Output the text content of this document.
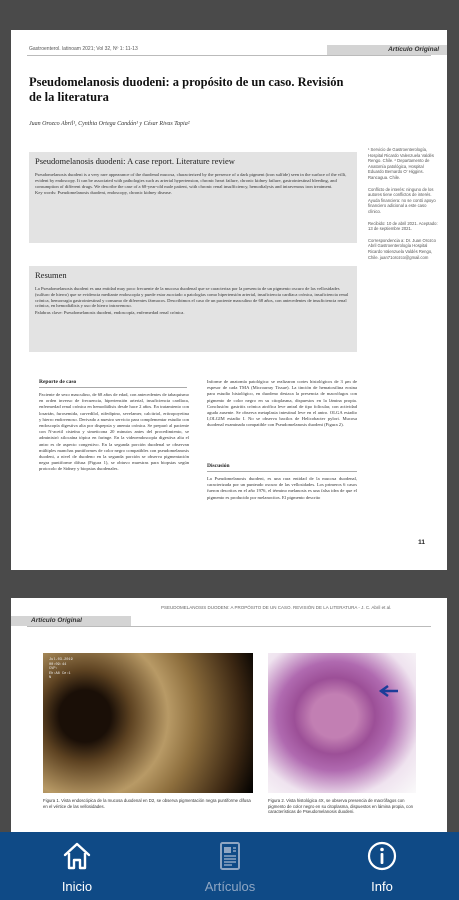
Gastroenterol. latinoam 2021; Vol 32, Nº 1: 11-13	Artículo Original
Pseudomelanosis duodeni: a propósito de un caso. Revisión de la literatura
Juan Orozco Abril¹, Cynthia Ortega Candán¹ y César Rivas Tapia²

¹ Servicio de Gastroenterología, Hospital Ricardo Valenzuela Valdés Rengo. Chile. ² Departamento de Anatomía patológica, Hospital Eduardo Bernardo O' Higgins. Rancagua. Chile.

Conflicto de interés: ninguno de los autores tiene conflictos de interés. Ayuda financiera: no se contó apoyo financiero adicional a este caso clínico.

Recibido: 10 de abril 2021. Aceptado: 13 de septiembre 2021.

Correspondencia a: Dr. Juan Orozco Abril Gastroenterología Hospital Ricardo Valenzuela Valdés Rengo, Chile. juan71orozco@gmail.com

Pseudomelanosis duodeni: A case report. Literature review
Pseudomelanosis duodeni is a very rare appearance of the duodenal mucosa, characterized by the presence of a dark pigment (iron sulfide) seen in the surface of the villi, evident by endoscopy. It can be associated with pathologies such as arterial hypertension, chronic heart failure, chronic kidney failure, gastrointestinal bleeding, and consumption of different drugs. We describe the case of a 68-year-old male patient, with chronic renal insufficiency, hemodialysis and intravenous iron treatment.
Key words: Pseudomelanosis duodeni, endoscopy, chronic kidney disease.
Resumen
La Pseudomelanosis duodeni es una entidad muy poco frecuente de la mucosa duodenal que se caracteriza por la presencia de un pigmento oscuro de las vellosidades (sulfuro de hierro) que se evidencia mediante endoscopía y puede estar asociado a patologías como hipertensión arterial, insuficiencia cardíaca crónica, insuficiencia renal crónica, hemorragia gastrointestinal y consumo de diferentes fármacos. Describimos el caso de un paciente masculino de 68 años, con antecedentes de insuficiencia renal crónica, en hemodiálisis y uso de hierro intravenoso.
Palabras clave: Pseudomelanosis duodeni, endoscopía, enfermedad renal crónica.
Reporte de caso
Paciente de sexo masculino, de 68 años de edad, con antecedentes de tabaquismo en orden inverso de frecuencia, hipertensión arterial, insuficiencia cardíaca, enfermedad renal crónica en hemodiálisis desde hace 2 años. En tratamiento con losartán, furosemida, carvedilol, nifedipino, sevelamer, calcitriol, eritropoyetina y hierro endovenoso. Derivado a nuestro servicio para complementar estudio con endoscopía digestiva alta por dispepsia y anemia crónica. Se preparó al paciente con N-acetil cisteína y simeticona 20 minutos antes del procedimiento, se administró xilocaína tópica en faringe. En la videoendoscopía digestiva alta el antro es de aspecto congestivo. En la segunda porción duodenal se observan múltiples manchas puntiformes de color negro compatibles con pseudomelanosis duodeni, a nivel de duodeno en la segunda porción se observa pigmentación negra puntiforme difusa (Figura 1), se obtuvo muestras para biopsias según protocolo de Sidney y biopsias duodenales.
Informe de anatomía patológica: se realizaron cortes histológicos de 3 μm de espesor de cada TMA (Microarray Tissue). La tinción de hematoxilina eosina para estudio histológico, en duodeno destaca la presencia de macrófagos con pigmento de color negro en su citoplasma, dispuestos en la lámina propia. Conclusión: gastritis crónica atrófica leve antral de tipo folicular, con actividad aguda ausente. Se observa metaplasia intestinal leve en el antro. OLGA estadio I,OLGIM estadio I. No se observa bacilos de Helicobacter pylori. Mucosa duodenal examinada compatible con Pseudomelanosis duodeni (Figura 2).
Discusión
La Pseudomelanosis duodeni, es una rara entidad de la mucosa duodenal, caracterizada por un punteado oscuro de las vellosidades. Los primeros 6 casos fueron descritos en el año 1976, el término melanosis es una falsa idea de que el pigmento es producido por melanocitos. El pigmento descrito
11
PSEUDOMELANOSIS DUODENI: A PROPÓSITO DE UN CASO. REVISIÓN DE LA LITERATURA - J. C. Abril et al.
Artículo Original
Jul-03-2019
00:09:44
CVP:
Eh:A8 Ce:1
N
Figura 1. Vista endoscópica de la mucosa duodenal en D2, se observa pigmentación negra puntiforme difusa en el vértice de las vellosidades.
Figura 2. Vista histológica 4X, se observa presencia de macrófagos con pigmento de color negro en su citoplasma, dispuestos en lámina propia, con características de Pseudomelanosis duodeni.
Inicio	Artículos	Info
